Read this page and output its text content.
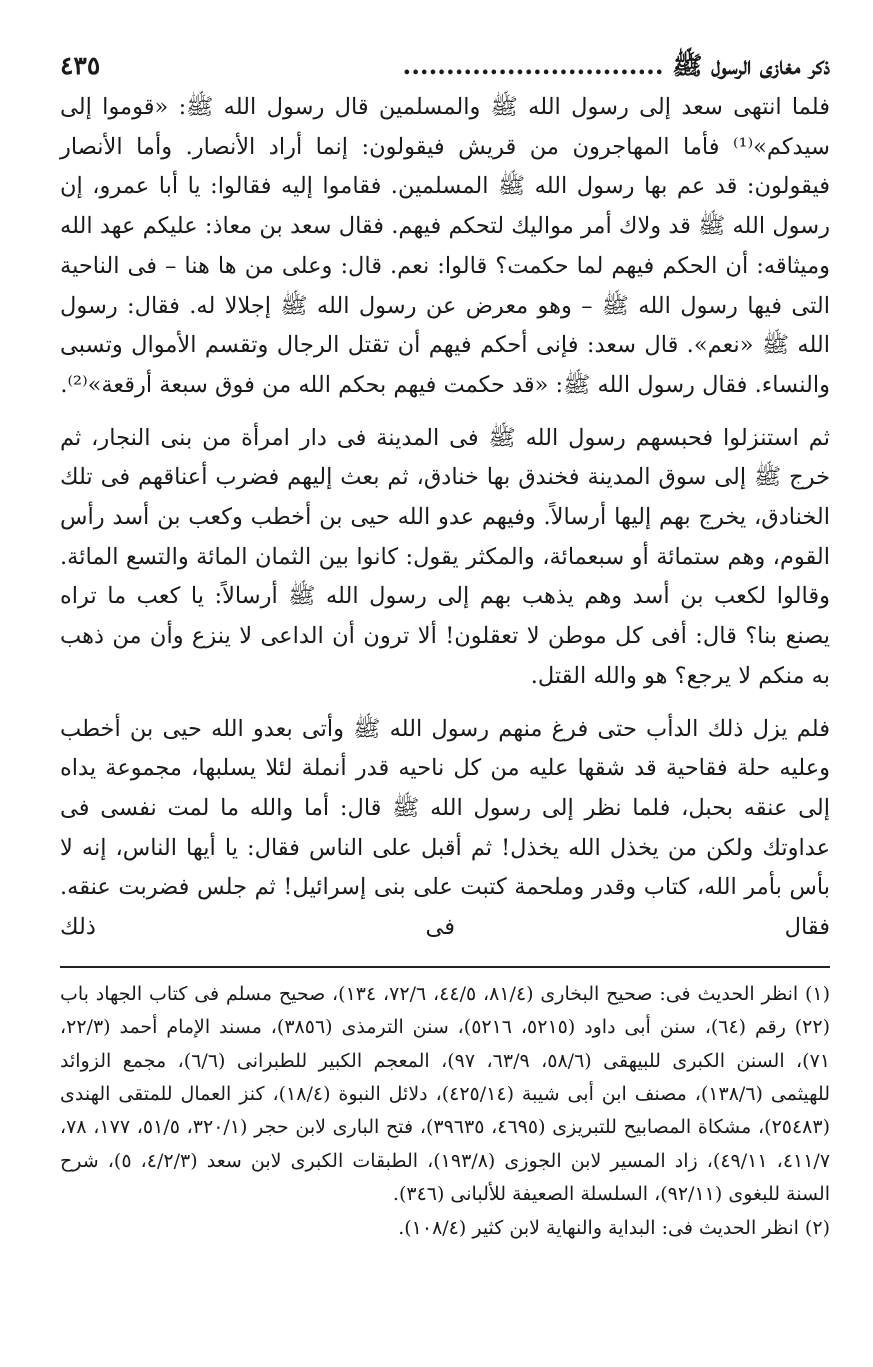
ذكر مغازى الرسول ﷺ ..............................
٤٣٥

فلما انتهى سعد إلى رسول الله ﷺ والمسلمين قال رسول الله ﷺ: «قوموا إلى سيدكم»⁽¹⁾ فأما المهاجرون من قريش فيقولون: إنما أراد الأنصار. وأما الأنصار فيقولون: قد عم بها رسول الله ﷺ المسلمين. فقاموا إليه فقالوا: يا أبا عمرو، إن رسول الله ﷺ قد ولاك أمر مواليك لتحكم فيهم. فقال سعد بن معاذ: عليكم عهد الله وميثاقه: أن الحكم فيهم لما حكمت؟ قالوا: نعم. قال: وعلى من ها هنا – فى الناحية التى فيها رسول الله ﷺ – وهو معرض عن رسول الله ﷺ إجلالا له. فقال: رسول الله ﷺ «نعم». قال سعد: فإنى أحكم فيهم أن تقتل الرجال وتقسم الأموال وتسبى
والنساء. فقال رسول الله ﷺ: «قد حكمت فيهم بحكم الله من فوق سبعة أرقعة»⁽²⁾.

ثم استنزلوا فحبسهم رسول الله ﷺ فى المدينة فى دار امرأة من بنى النجار، ثم خرج ﷺ إلى سوق المدينة فخندق بها خنادق، ثم بعث إليهم فضرب أعناقهم فى تلك الخنادق، يخرج بهم إليها أرسالاً. وفيهم عدو الله حيى بن أخطب وكعب بن أسد رأس القوم، وهم ستمائة أو سبعمائة، والمكثر يقول: كانوا بين الثمان المائة والتسع المائة. وقالوا لكعب بن أسد وهم يذهب بهم إلى رسول الله ﷺ أرسالاً: يا كعب ما تراه يصنع بنا؟ قال: أفى كل موطن لا تعقلون! ألا ترون أن الداعى لا ينزع وأن من ذهب
به منكم لا يرجع؟ هو والله القتل.

فلم يزل ذلك الدأب حتى فرغ منهم رسول الله ﷺ وأتى بعدو الله حيى بن أخطب وعليه حلة فقاحية قد شقها عليه من كل ناحيه قدر أنملة لئلا يسلبها، مجموعة يداه إلى عنقه بحبل، فلما نظر إلى رسول الله ﷺ قال: أما والله ما لمت نفسى فى عداوتك ولكن من يخذل الله يخذل! ثم أقبل على الناس فقال: يا أيها الناس، إنه لا بأس بأمر الله، كتاب وقدر وملحمة كتبت على بنى إسرائيل! ثم جلس فضربت عنقه. فقال فى ذلك

(١) انظر الحديث فى: صحيح البخارى (٨١/٤، ٤٤/٥، ٧٢/٦، ١٣٤)، صحيح مسلم فى كتاب الجهاد باب (٢٢) رقم (٦٤)، سنن أبى داود (٥٢١٥، ٥٢١٦)، سنن الترمذى (٣٨٥٦)، مسند الإمام أحمد (٢٢/٣، ٧١)، السنن الكبرى للبيهقى (٥٨/٦، ٦٣/٩، ٩٧)، المعجم الكبير للطبرانى (٦/٦)، مجمع الزوائد للهيثمى (١٣٨/٦)، مصنف ابن أبى شيبة (٤٢٥/١٤)، دلائل النبوة (١٨/٤)، كنز العمال للمتقى الهندى (٢٥٤٨٣)، مشكاة المصابيح للتبريزى (٤٦٩٥، ٣٩٦٣٥)، فتح البارى لابن حجر (٣٢٠/١، ٥١/٥، ١٧٧، ٧٨، ٤١١/٧، ٤٩/١١)، زاد المسير لابن الجوزى (١٩٣/٨)، الطبقات الكبرى لابن سعد (٤/٢/٣، ٥)، شرح السنة للبغوى (٩٢/١١)، السلسلة الصعيفة للألبانى (٣٤٦).

(٢) انظر الحديث فى: البداية والنهاية لابن كثير (١٠٨/٤).
